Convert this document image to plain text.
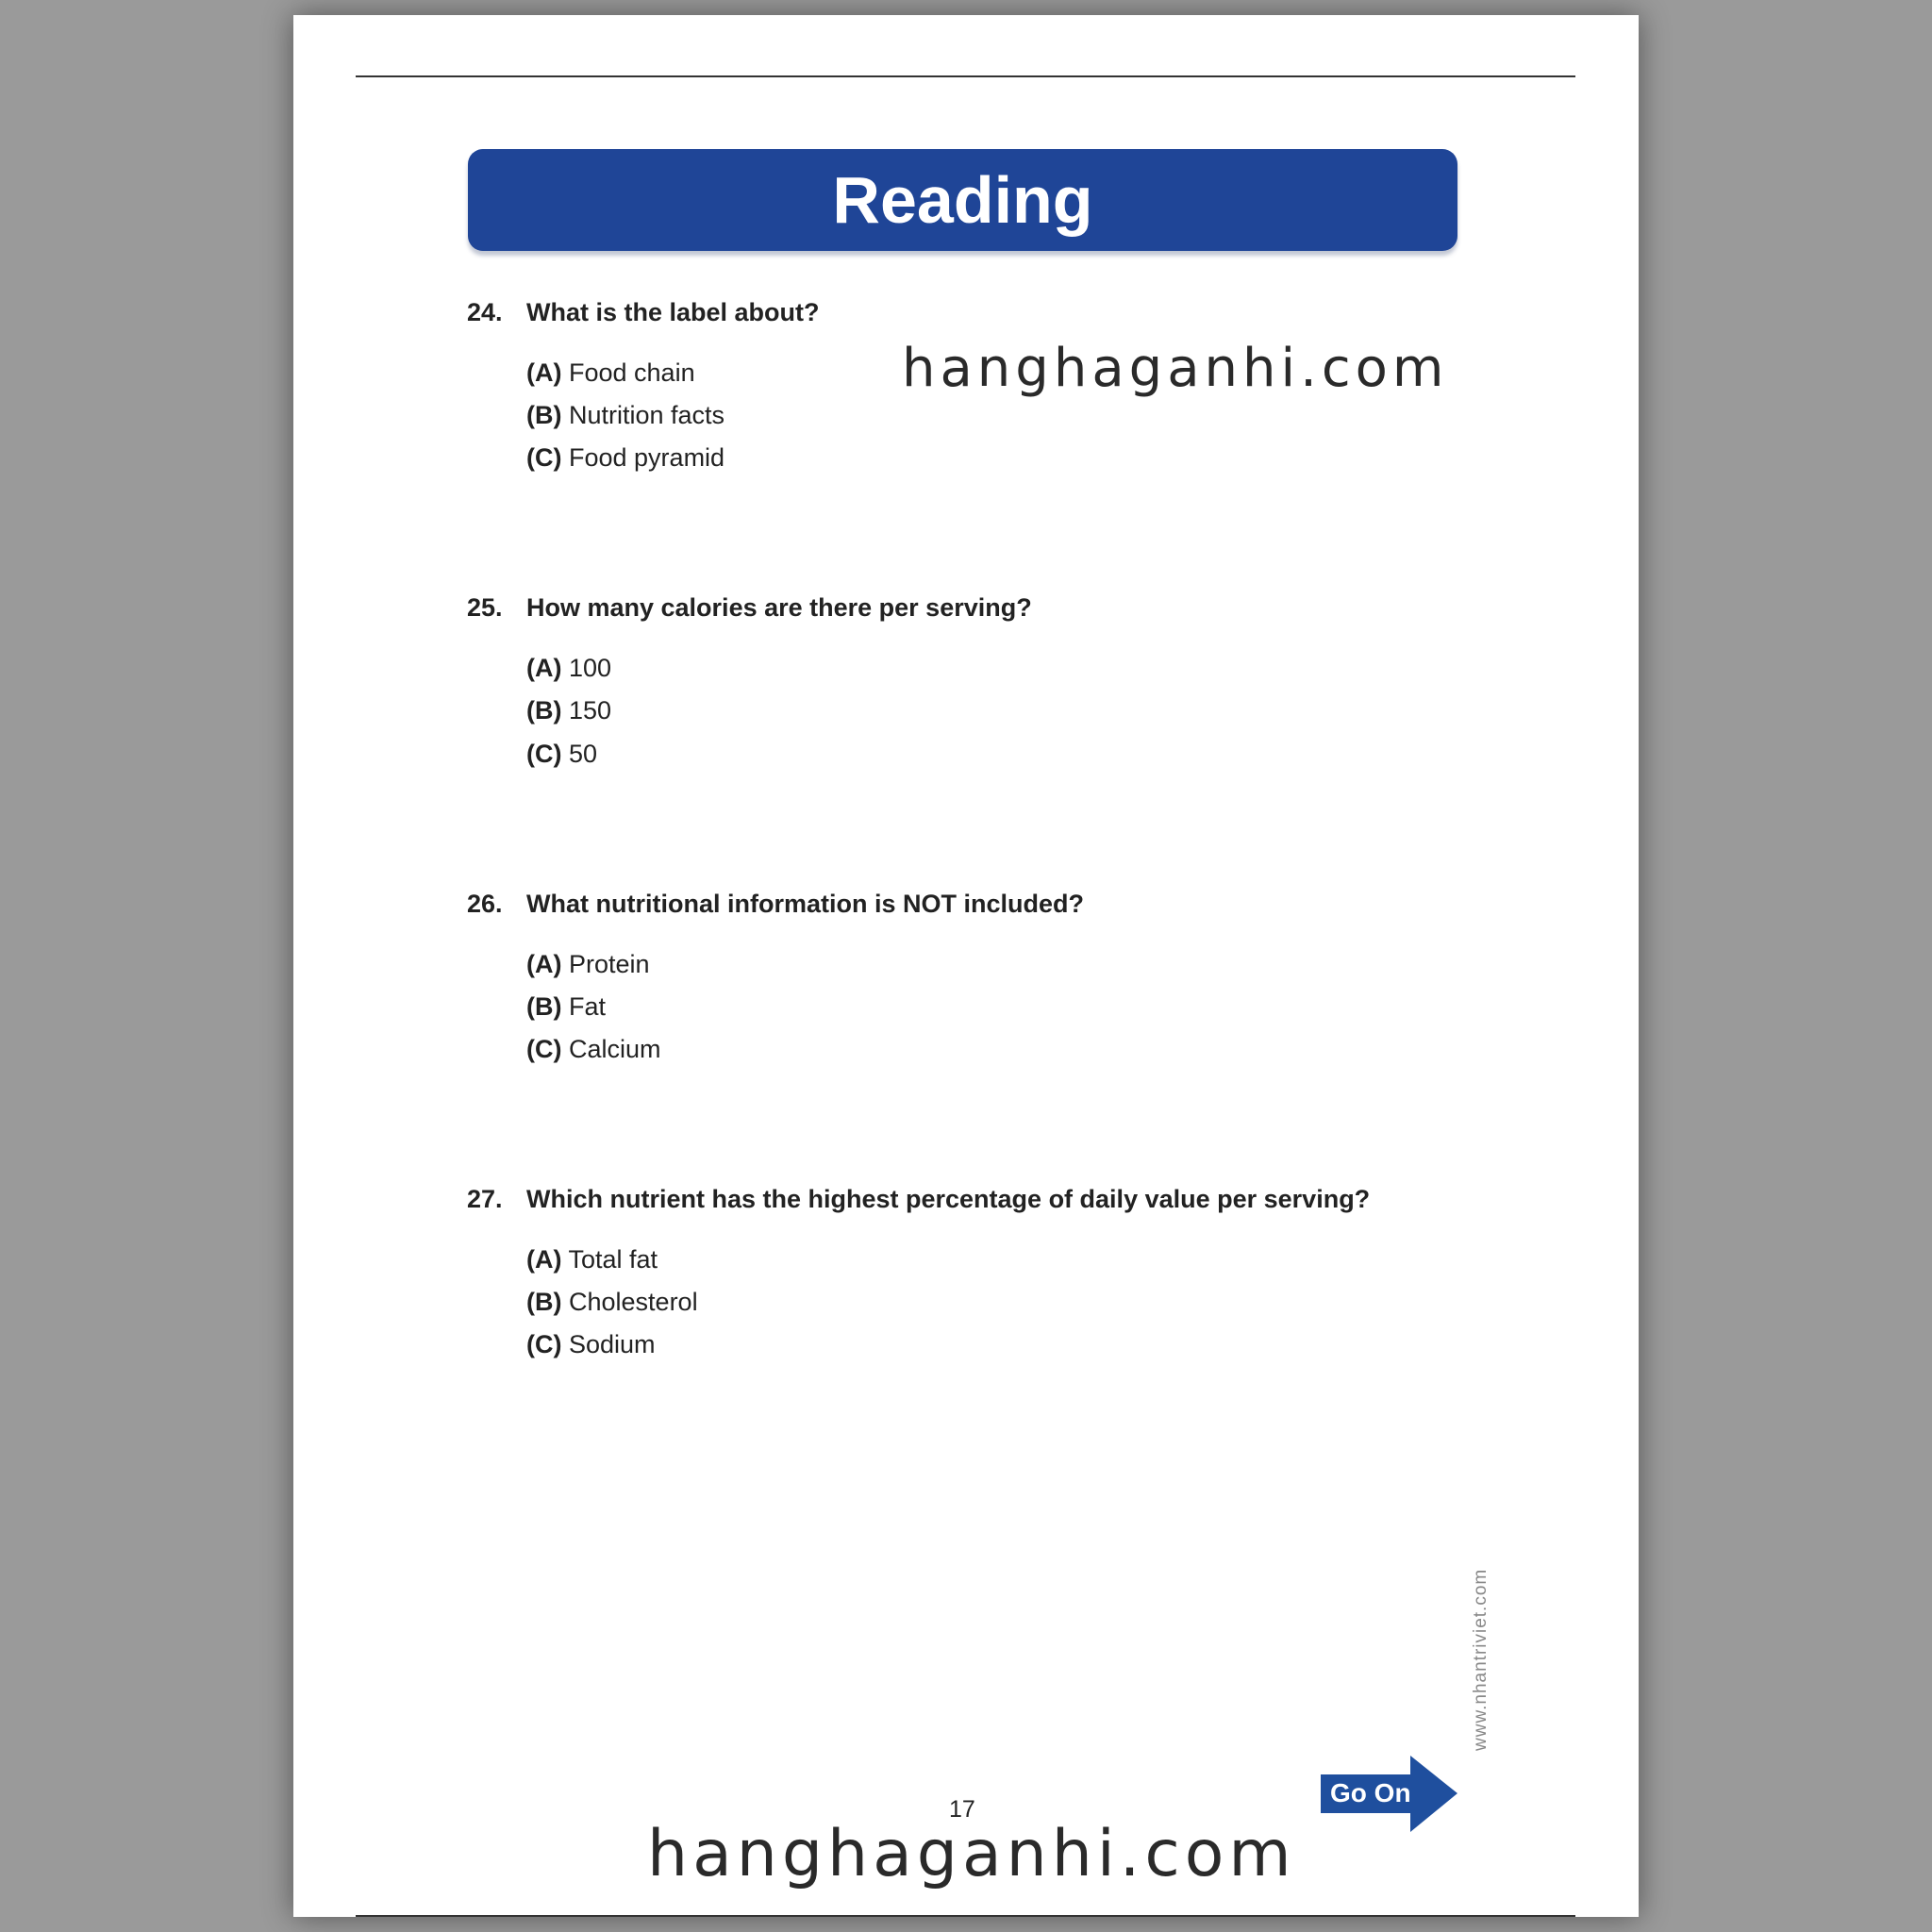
Reading
24. What is the label about?
(A) Food chain
(B) Nutrition facts
(C) Food pyramid
25. How many calories are there per serving?
(A) 100
(B) 150
(C) 50
26. What nutritional information is NOT included?
(A) Protein
(B) Fat
(C) Calcium
27. Which nutrient has the highest percentage of daily value per serving?
(A) Total fat
(B) Cholesterol
(C) Sodium
hanghaganhi.com
www.nhantriviet.com
17
Go On
hanghaganhi.com
